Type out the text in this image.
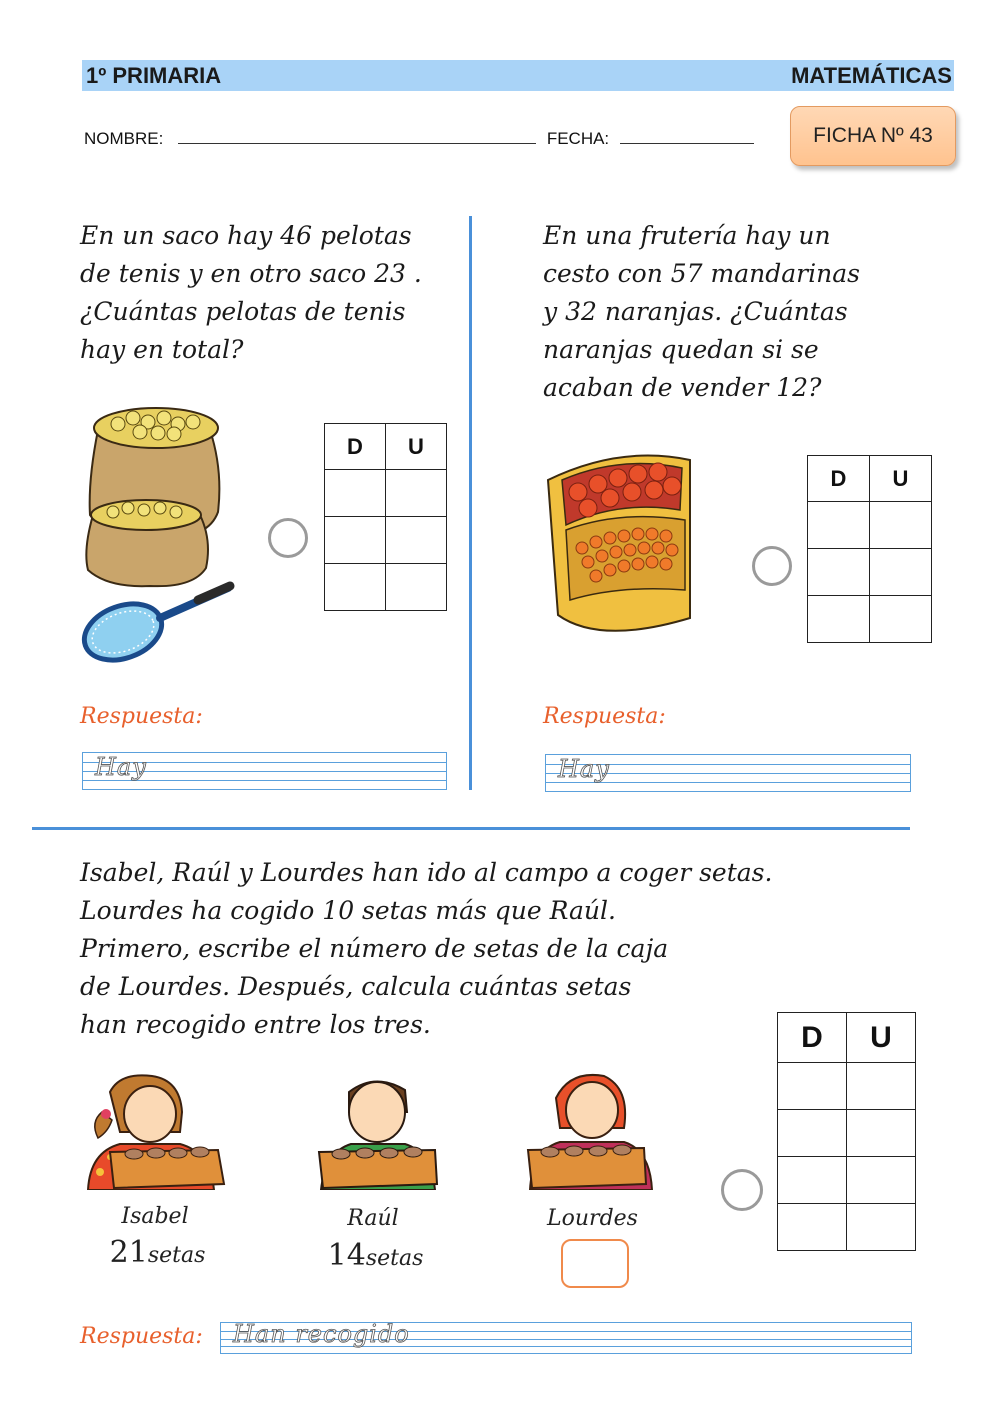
1º PRIMARIA	MATEMÁTICAS
NOMBRE:	FECHA:	FICHA Nº 43

En un saco hay 46 pelotas

de tenis y en otro saco 23 .

¿Cuántas pelotas de tenis

hay en total?

D	U

Respuesta:
Hay

En una frutería hay un

cesto con 57 mandarinas

y 32 naranjas. ¿Cuántas

naranjas quedan si se

acaban de vender 12?

D	U

Respuesta:
Hay

Isabel, Raúl y Lourdes han ido al campo a coger setas.

Lourdes ha cogido 10 setas más que Raúl.

Primero, escribe el número de setas de la caja

de Lourdes. Después, calcula cuántas setas

han recogido entre los tres.

Isabel
21setas
Raúl
14setas
Lourdes
D	U

Respuesta: Han recogido
